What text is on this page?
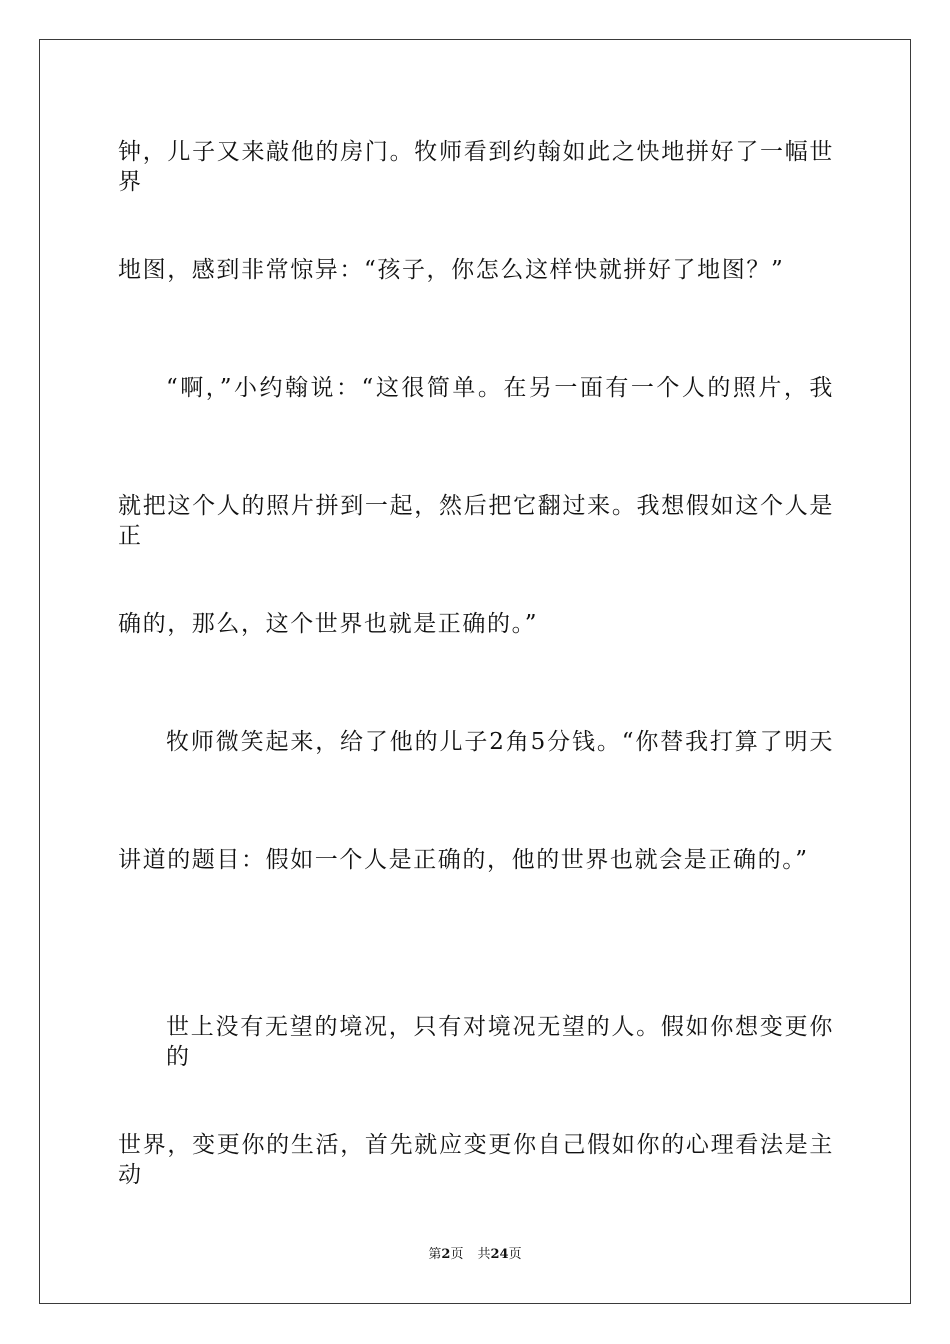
钟，儿子又来敲他的房门。牧师看到约翰如此之快地拼好了一幅世界
地图，感到非常惊异：“孩子，你怎么这样快就拼好了地图？”
“啊，”小约翰说：“这很简单。在另一面有一个人的照片，我
就把这个人的照片拼到一起，然后把它翻过来。我想假如这个人是正
确的，那么，这个世界也就是正确的。”
牧师微笑起来，给了他的儿子2角5分钱。“你替我打算了明天
讲道的题目：假如一个人是正确的，他的世界也就会是正确的。”
世上没有无望的境况，只有对境况无望的人。假如你想变更你的
世界，变更你的生活，首先就应变更你自己假如你的心理看法是主动
第2页 共24页
